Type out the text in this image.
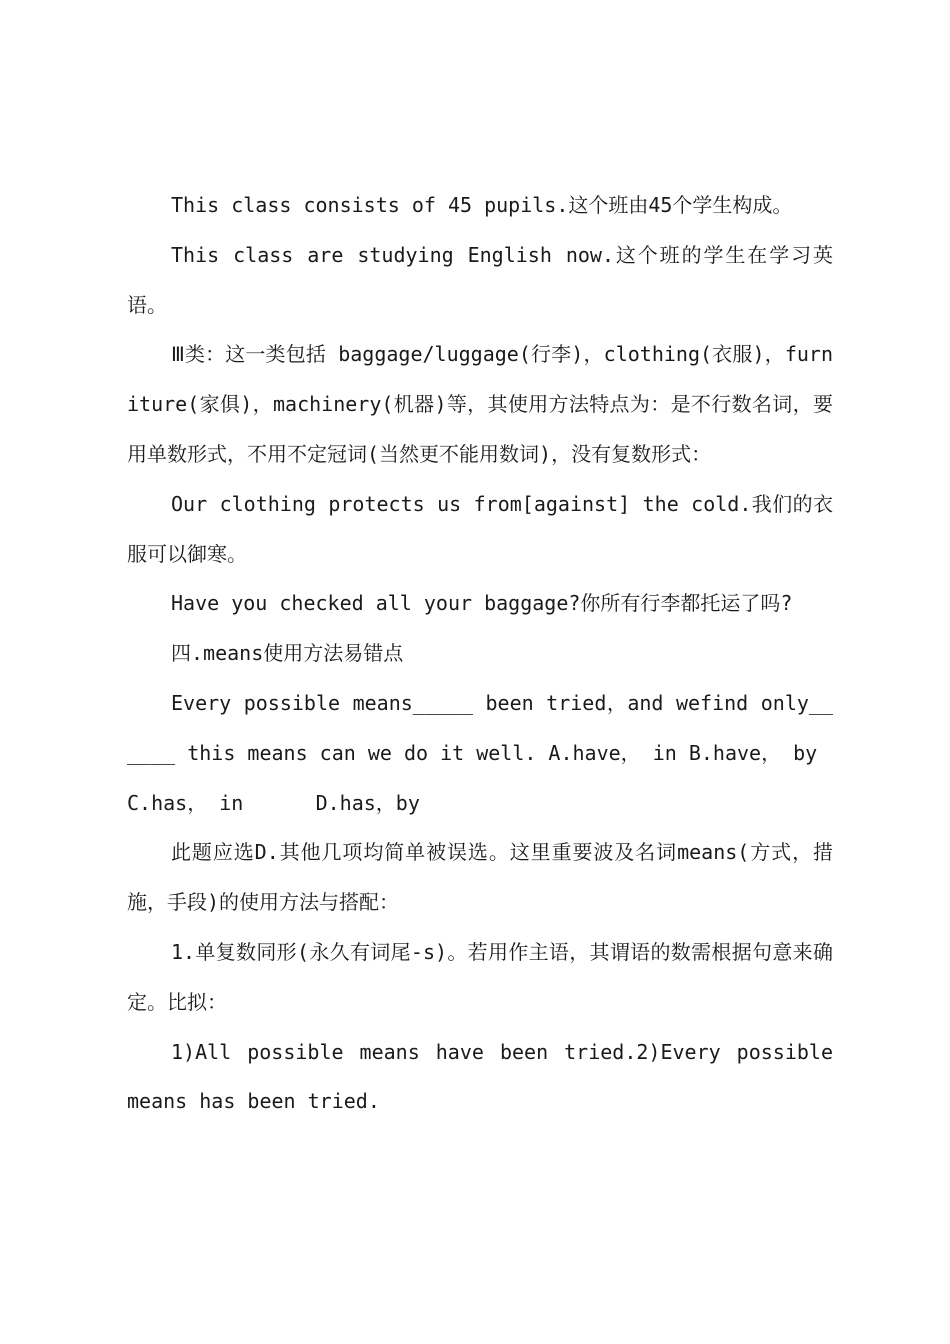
This class consists of 45 pupils.这个班由45个学生构成。

This class are studying English now.这个班的学生在学习英语。

Ⅲ类：这一类包括 baggage/luggage(行李)，clothing(衣服)，furniture(家俱)，machinery(机器)等，其使用方法特点为：是不行数名词，要用单数形式，不用不定冠词(当然更不能用数词)，没有复数形式：

Our clothing protects us from[against] the cold.我们的衣服可以御寒。

Have you checked all your baggage?你所有行李都托运了吗?

四.means使用方法易错点

Every possible means_____ been tried，and wefind only______ this means can we do it well. A.have， in B.have， by

C.has， in      D.has，by

此题应选D.其他几项均简单被误选。这里重要波及名词means(方式，措施，手段)的使用方法与搭配：

1.单复数同形(永久有词尾-s)。若用作主语，其谓语的数需根据句意来确定。比拟：

1)All possible means have been tried.2)Every possible means has been tried.
